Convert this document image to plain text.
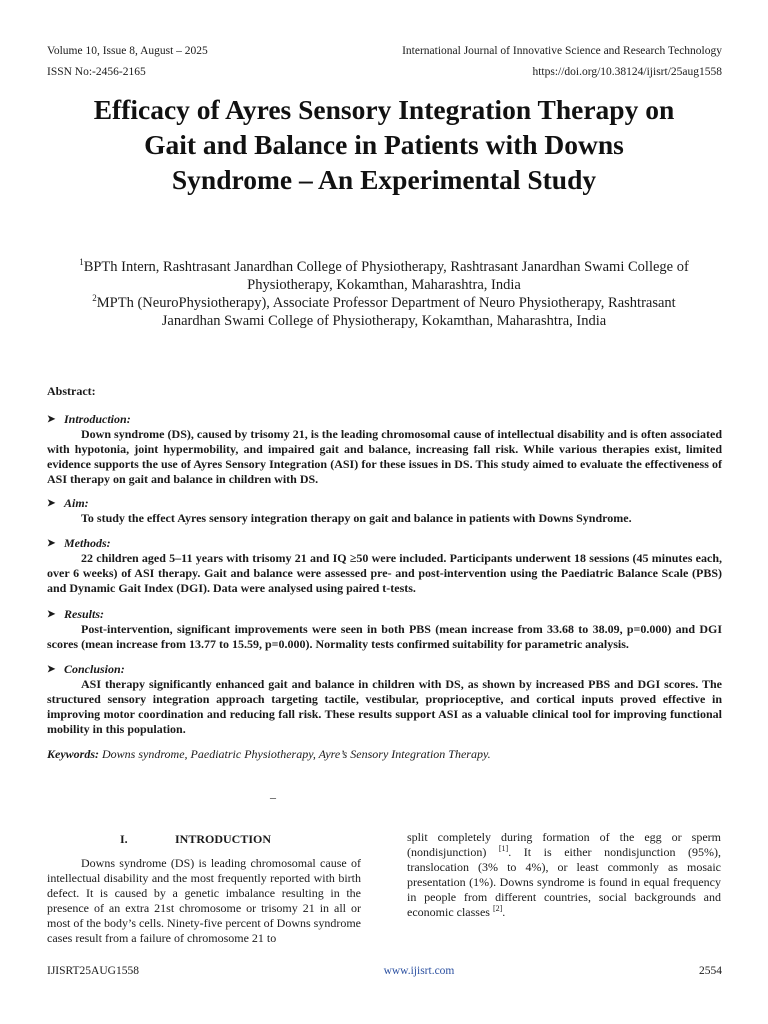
Volume 10, Issue 8, August – 2025	International Journal of Innovative Science and Research Technology
ISSN No:-2456-2165	https://doi.org/10.38124/ijisrt/25aug1558
Efficacy of Ayres Sensory Integration Therapy on
Gait and Balance in Patients with Downs
Syndrome – An Experimental Study
$^1$BPTh Intern, Rashtrasant Janardhan College of Physiotherapy, Rashtrasant Janardhan Swami College of
Physiotherapy, Kokamthan, Maharashtra, India
$^2$MPTh (NeuroPhysiotherapy), Associate Professor Department of Neuro Physiotherapy, Rashtrasant
Janardhan Swami College of Physiotherapy, Kokamthan, Maharashtra, India
Abstract:
➤ Introduction:
Down syndrome (DS), caused by trisomy 21, is the leading chromosomal cause of intellectual disability and is often associated with hypotonia, joint hypermobility, and impaired gait and balance, increasing fall risk. While various therapies exist, limited evidence supports the use of Ayres Sensory Integration (ASI) for these issues in DS. This study aimed to evaluate the effectiveness of ASI therapy on gait and balance in children with DS.
➤ Aim:
To study the effect Ayres sensory integration therapy on gait and balance in patients with Downs Syndrome.
➤ Methods:
22 children aged 5–11 years with trisomy 21 and IQ ≥50 were included. Participants underwent 18 sessions (45 minutes each, over 6 weeks) of ASI therapy. Gait and balance were assessed pre- and post-intervention using the Paediatric Balance Scale (PBS) and Dynamic Gait Index (DGI). Data were analysed using paired t-tests.
➤ Results:
Post-intervention, significant improvements were seen in both PBS (mean increase from 33.68 to 38.09, p=0.000) and DGI scores (mean increase from 13.77 to 15.59, p=0.000). Normality tests confirmed suitability for parametric analysis.
➤ Conclusion:
ASI therapy significantly enhanced gait and balance in children with DS, as shown by increased PBS and DGI scores. The structured sensory integration approach targeting tactile, vestibular, proprioceptive, and cortical inputs proved effective in improving motor coordination and reducing fall risk. These results support ASI as a valuable clinical tool for improving functional mobility in this population.
Keywords: Downs syndrome, Paediatric Physiotherapy, Ayre’s Sensory Integration Therapy.
–
I.	INTRODUCTION

Downs syndrome (DS) is leading chromosomal cause of intellectual disability and the most frequently reported with birth defect. It is caused by a genetic imbalance resulting in the presence of an extra 21st chromosome or trisomy 21 in all or most of the body’s cells. Ninety-five percent of Downs syndrome cases result from a failure of chromosome 21 to

split completely during formation of the egg or sperm (nondisjunction) [1]. It is either nondisjunction (95%), translocation (3% to 4%), or least commonly as mosaic presentation (1%). Downs syndrome is found in equal frequency in people from different countries, social backgrounds and economic classes [2].

IJISRT25AUG1558	www.ijisrt.com	2554
